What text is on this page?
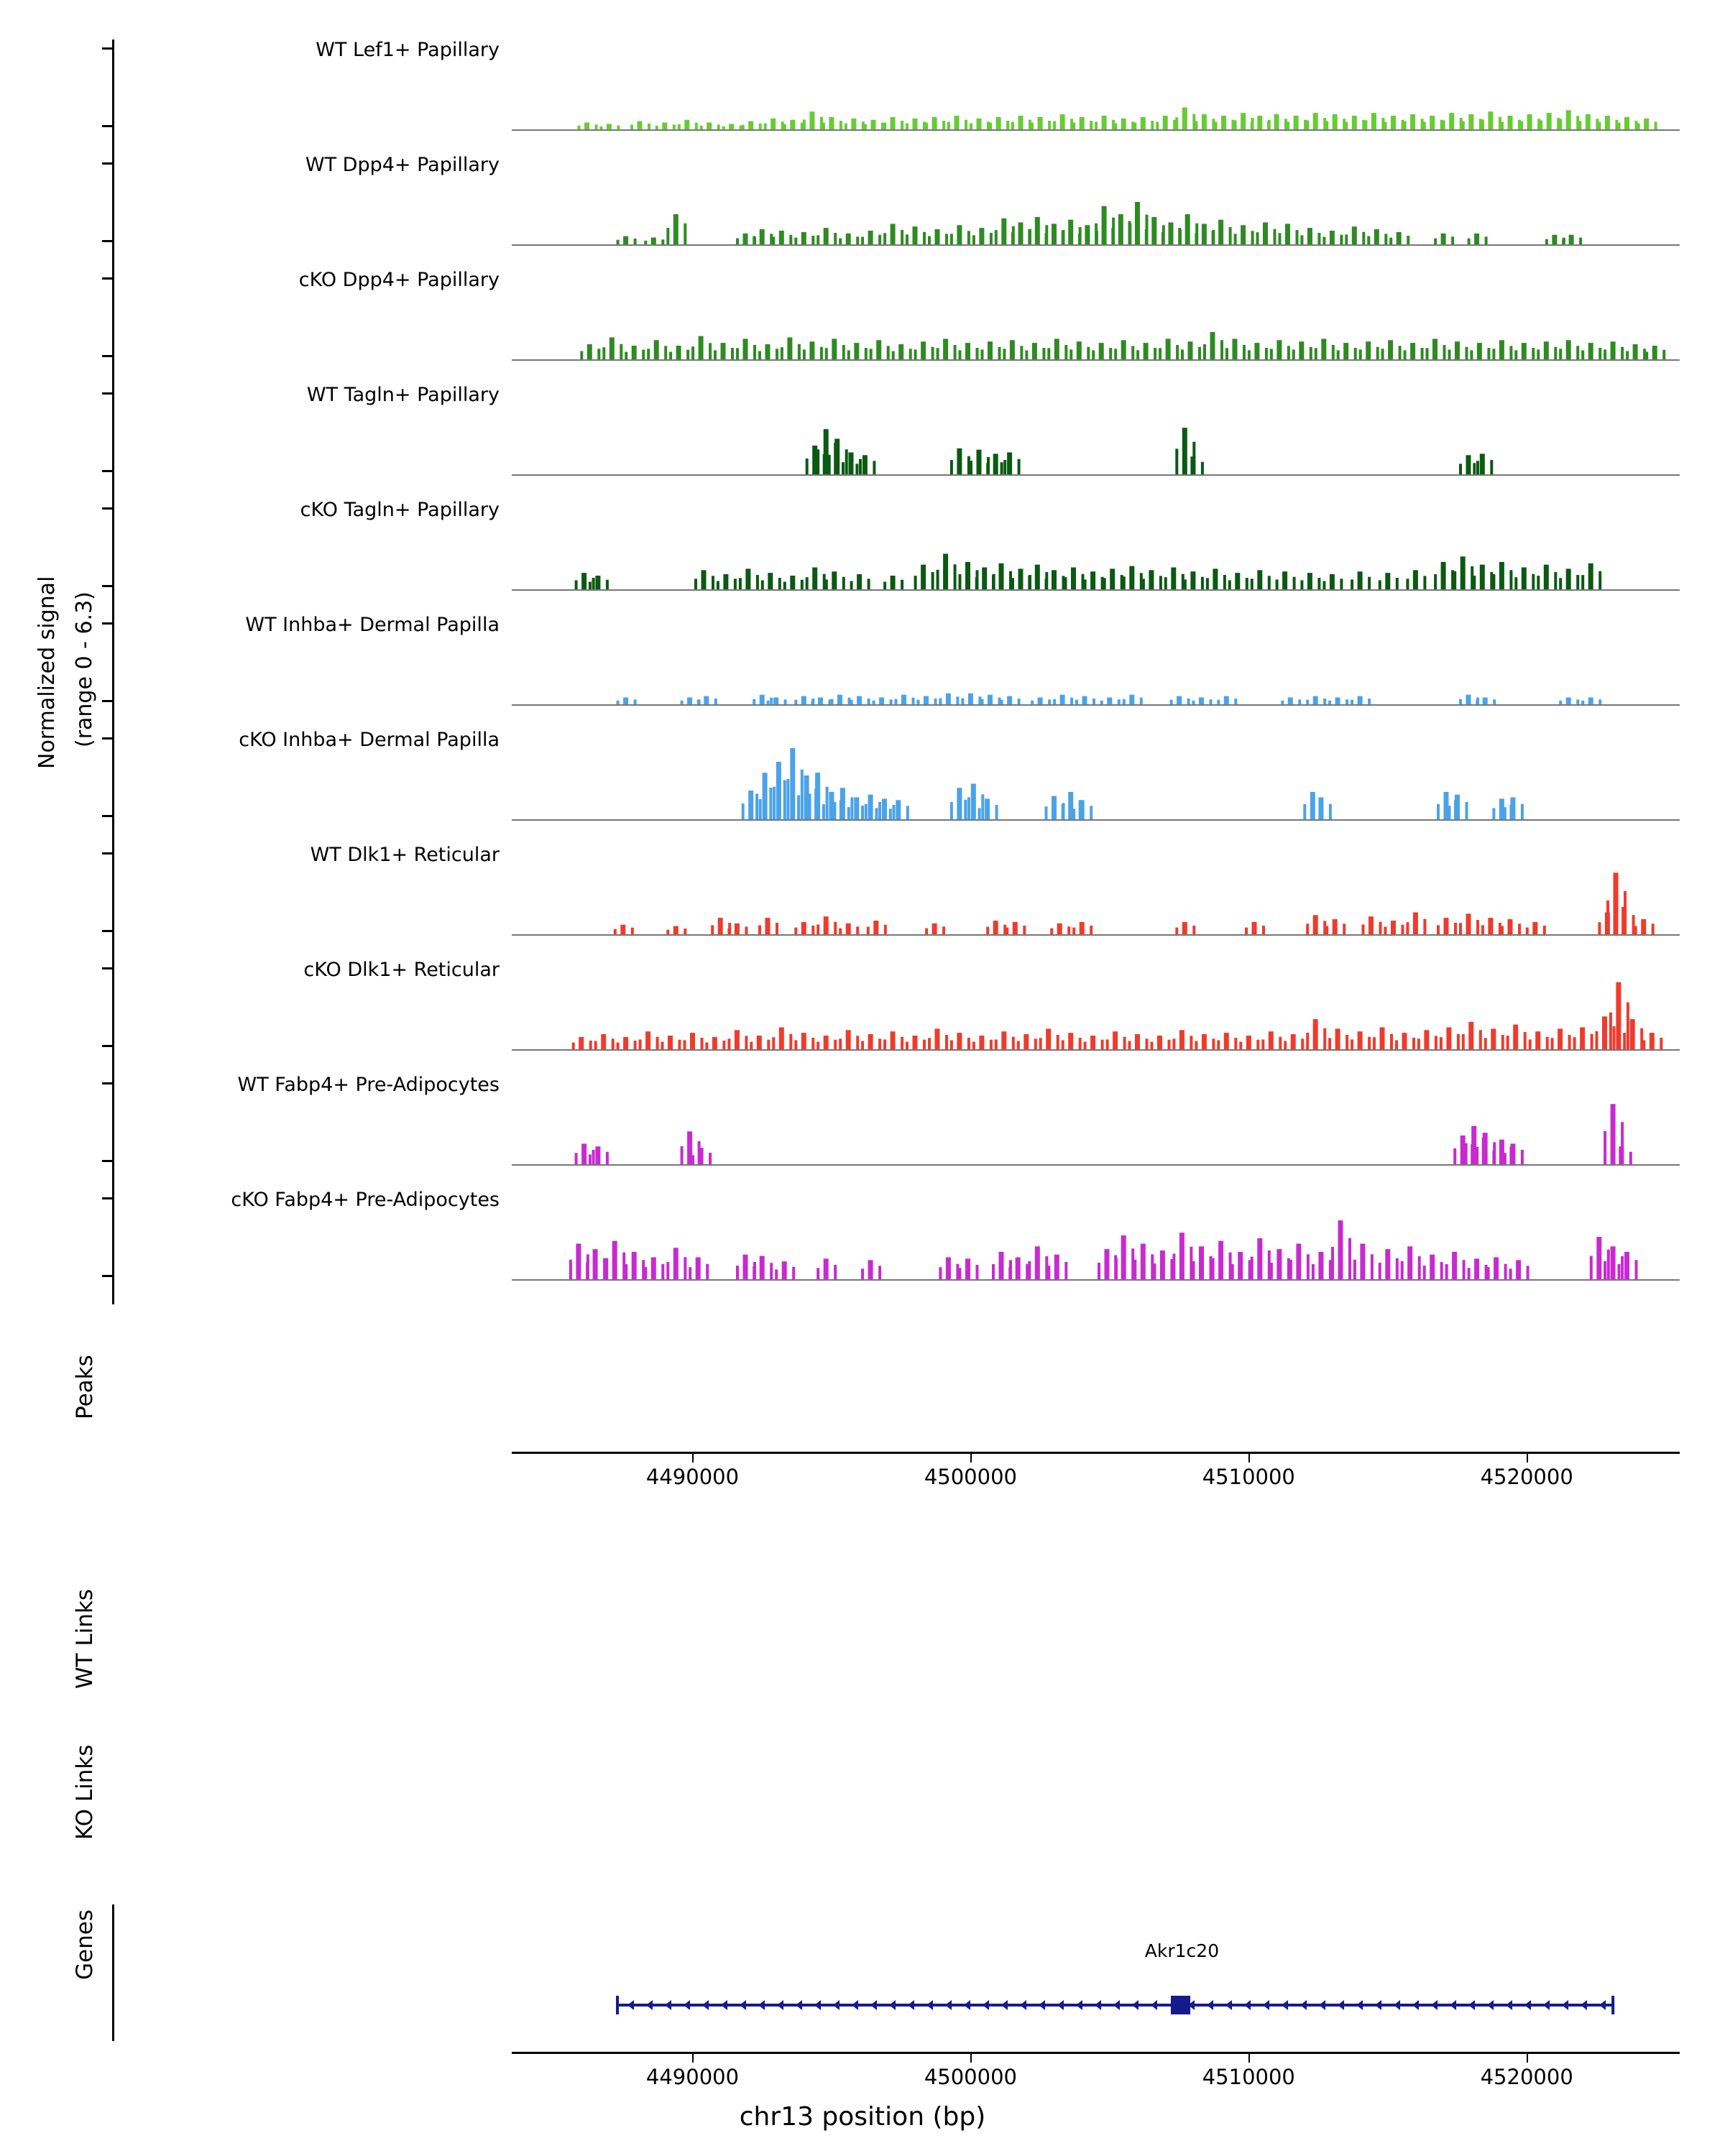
Normalized signal (range 0 - 6.3)
Peaks
WT Links
KO Links
Genes
WT Lef1+ Papillary
WT Dpp4+ Papillary
cKO Dpp4+ Papillary
WT Tagln+ Papillary
cKO Tagln+ Papillary
WT Inhba+ Dermal Papilla
cKO Inhba+ Dermal Papilla
WT Dlk1+ Reticular
cKO Dlk1+ Reticular
WT Fabp4+ Pre-Adipocytes
cKO Fabp4+ Pre-Adipocytes
4490000	4500000	4510000	4520000
Akr1c20
4490000	4500000	4510000	4520000
chr13 position (bp)
